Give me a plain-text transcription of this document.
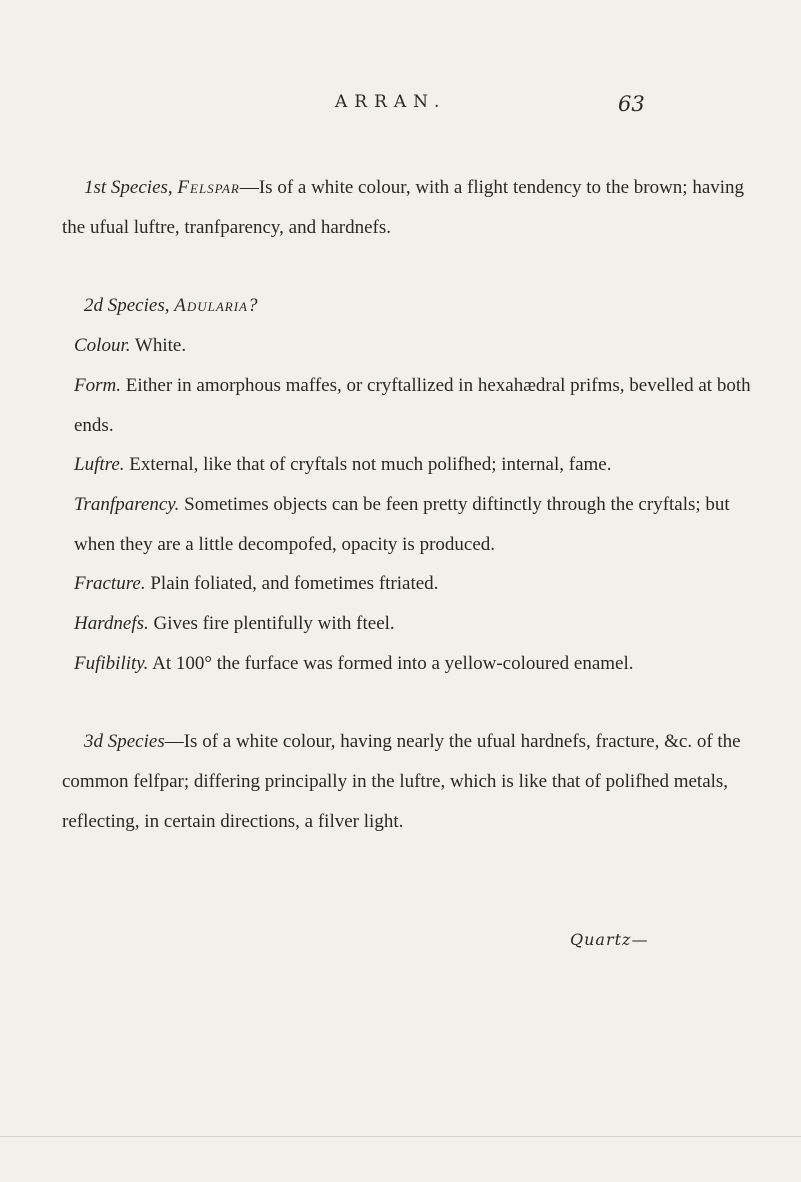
ARRAN.	63

1st Species, Felspar—Is of a white colour, with a flight tendency to the brown; having the ufual luftre, tranfparency, and hardnefs.

2d Species, Adularia?

Colour. White.

Form. Either in amorphous maffes, or cryftallized in hexahædral prifms, bevelled at both ends.

Luftre. External, like that of cryftals not much polifhed; internal, fame.

Tranfparency. Sometimes objects can be feen pretty diftinctly through the cryftals; but when they are a little decompofed, opacity is produced.

Fracture. Plain foliated, and fometimes ftriated.

Hardnefs. Gives fire plentifully with fteel.

Fufibility. At 100° the furface was formed into a yellow-coloured enamel.

3d Species—Is of a white colour, having nearly the ufual hardnefs, fracture, &c. of the common felfpar; differing principally in the luftre, which is like that of polifhed metals, reflecting, in certain directions, a filver light.

Quartz—
